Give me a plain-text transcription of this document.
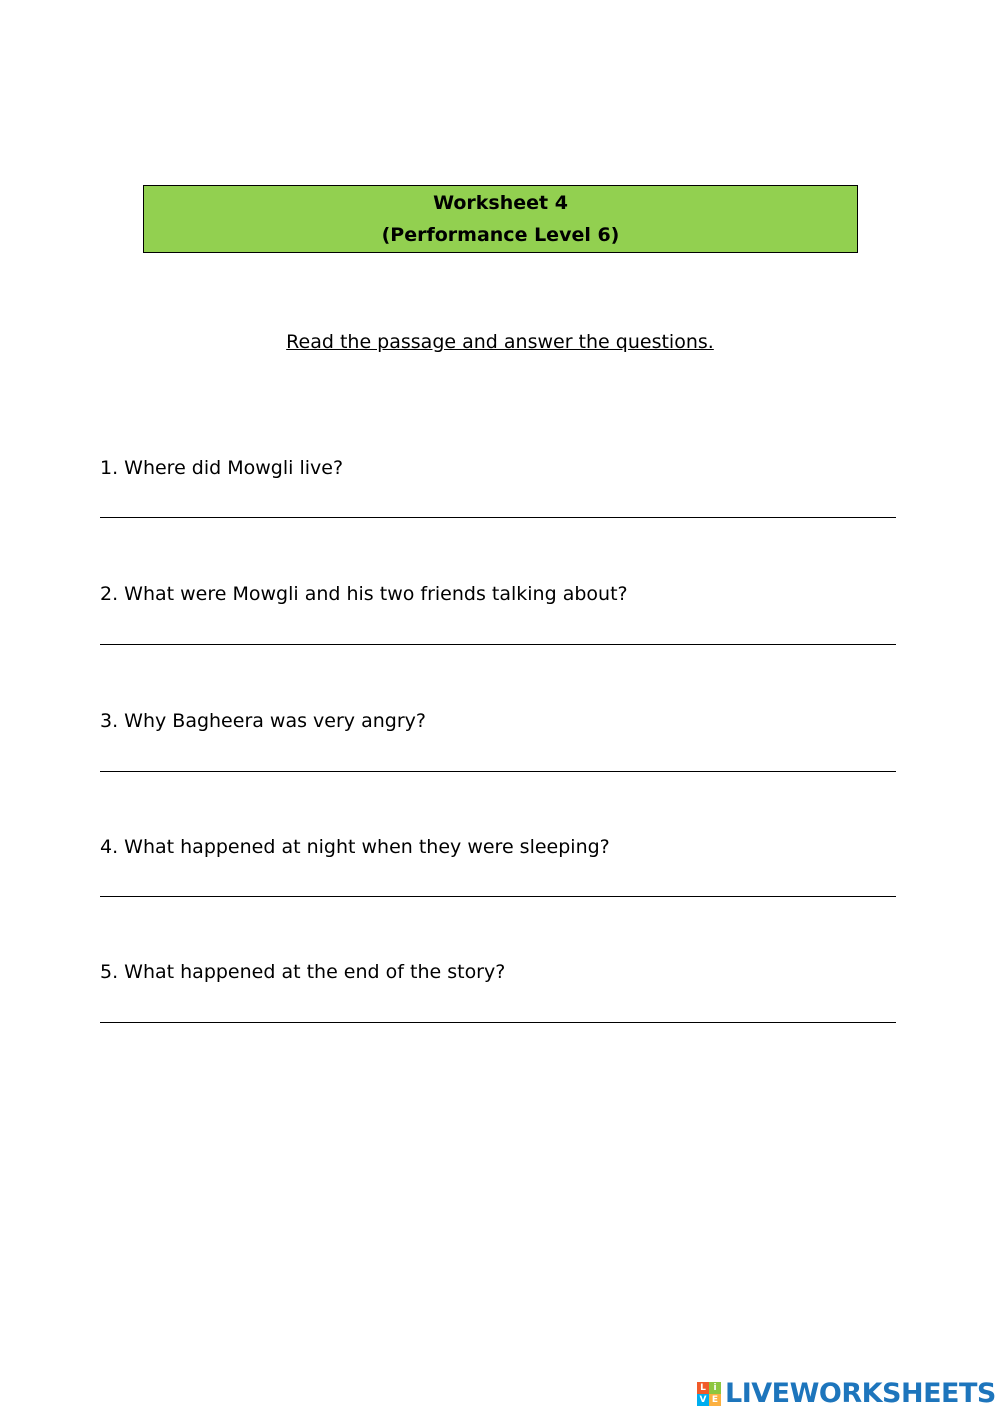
Worksheet 4
(Performance Level 6)
Read the passage and answer the questions.
1. Where did Mowgli live?
2. What were Mowgli and his two friends talking about?
3. Why Bagheera was very angry?
4. What happened at night when they were sleeping?
5. What happened at the end of the story?
L i
V E LIVEWORKSHEETS
